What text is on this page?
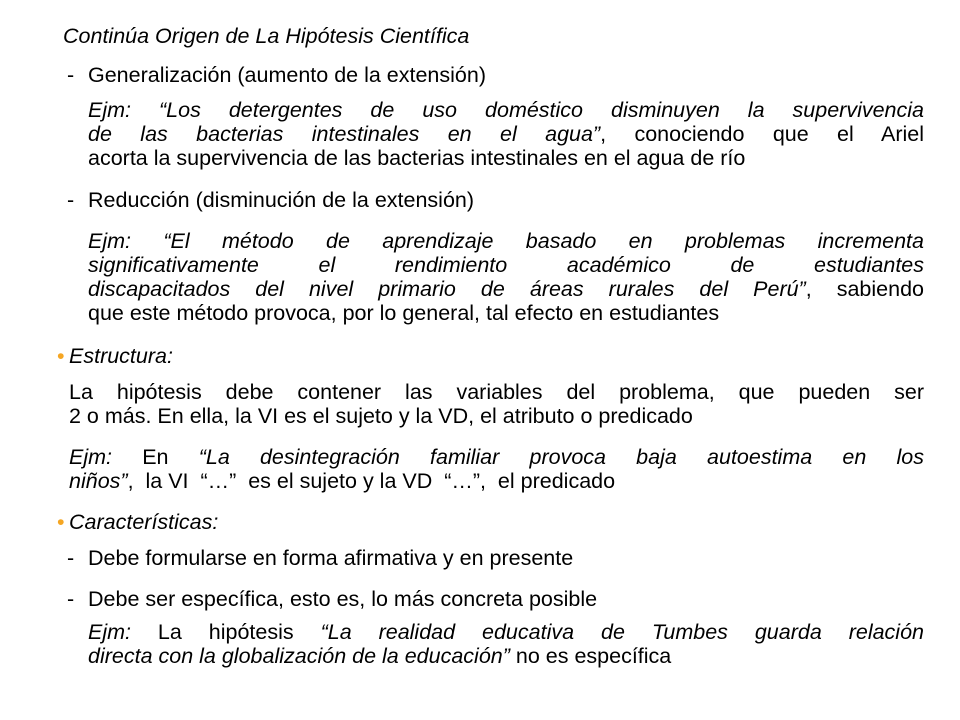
Continúa Origen de La Hipótesis Científica
- Generalización (aumento de la extensión)
Ejm: “Los detergentes de uso doméstico disminuyen la supervivencia
de las bacterias intestinales en el agua”, conociendo que el Ariel
acorta la supervivencia de las bacterias intestinales en el agua de río
- Reducción (disminución de la extensión)
Ejm: “El método de aprendizaje basado en problemas incrementa
significativamente el rendimiento académico de estudiantes
discapacitados del nivel primario de áreas rurales del Perú”, sabiendo
que este método provoca, por lo general, tal efecto en estudiantes
• Estructura:
La hipótesis debe contener las variables del problema, que pueden ser
2 o más. En ella, la VI es el sujeto y la VD, el atributo o predicado
Ejm: En “La desintegración familiar provoca baja autoestima en los
niños”,  la VI  “…”  es el sujeto y la VD  “…”,  el predicado
• Características:
- Debe formularse en forma afirmativa y en presente
- Debe ser específica, esto es, lo más concreta posible
Ejm: La hipótesis “La realidad educativa de Tumbes guarda relación
directa con la globalización de la educación” no es específica
